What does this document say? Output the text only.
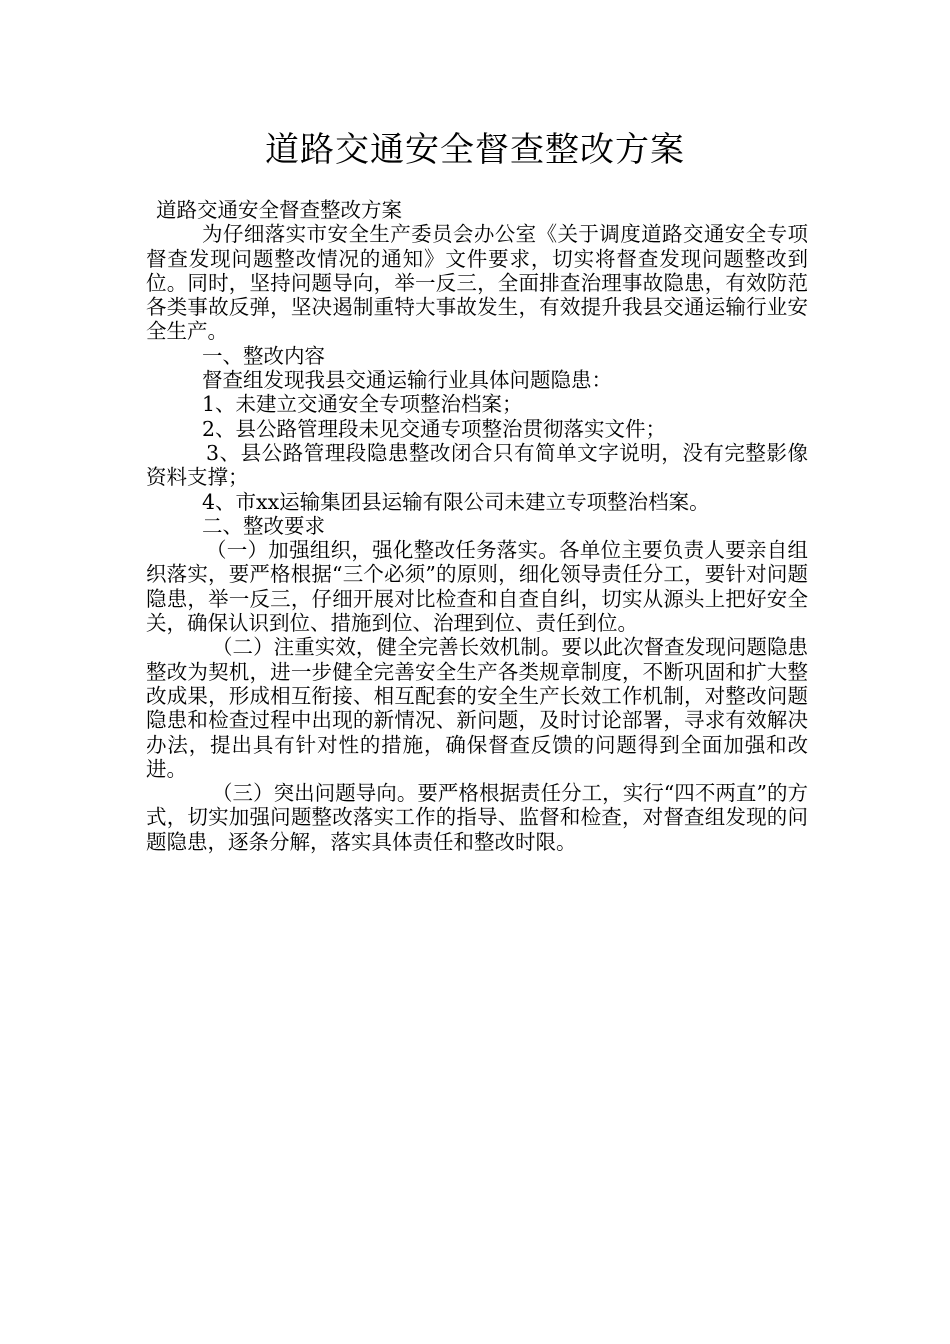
道路交通安全督查整改方案

道路交通安全督查整改方案

为仔细落实市安全生产委员会办公室《关于调度道路交通安全专项督查发现问题整改情况的通知》文件要求，切实将督查发现问题整改到位。同时，坚持问题导向，举一反三，全面排查治理事故隐患，有效防范各类事故反弹，坚决遏制重特大事故发生，有效提升我县交通运输行业安全生产。

一、整改内容

督查组发现我县交通运输行业具体问题隐患：

1、未建立交通安全专项整治档案；

2、县公路管理段未见交通专项整治贯彻落实文件；

3、县公路管理段隐患整改闭合只有简单文字说明，没有完整影像资料支撑；

4、市xx运输集团县运输有限公司未建立专项整治档案。

二、整改要求

（一）加强组织，强化整改任务落实。各单位主要负责人要亲自组织落实，要严格根据“三个必须”的原则，细化领导责任分工，要针对问题隐患，举一反三，仔细开展对比检查和自查自纠，切实从源头上把好安全关，确保认识到位、措施到位、治理到位、责任到位。

（二）注重实效，健全完善长效机制。要以此次督查发现问题隐患整改为契机，进一步健全完善安全生产各类规章制度，不断巩固和扩大整改成果，形成相互衔接、相互配套的安全生产长效工作机制，对整改问题隐患和检查过程中出现的新情况、新问题，及时讨论部署，寻求有效解决办法，提出具有针对性的措施，确保督查反馈的问题得到全面加强和改进。

（三）突出问题导向。要严格根据责任分工，实行“四不两直”的方式，切实加强问题整改落实工作的指导、监督和检查，对督查组发现的问题隐患，逐条分解，落实具体责任和整改时限。
